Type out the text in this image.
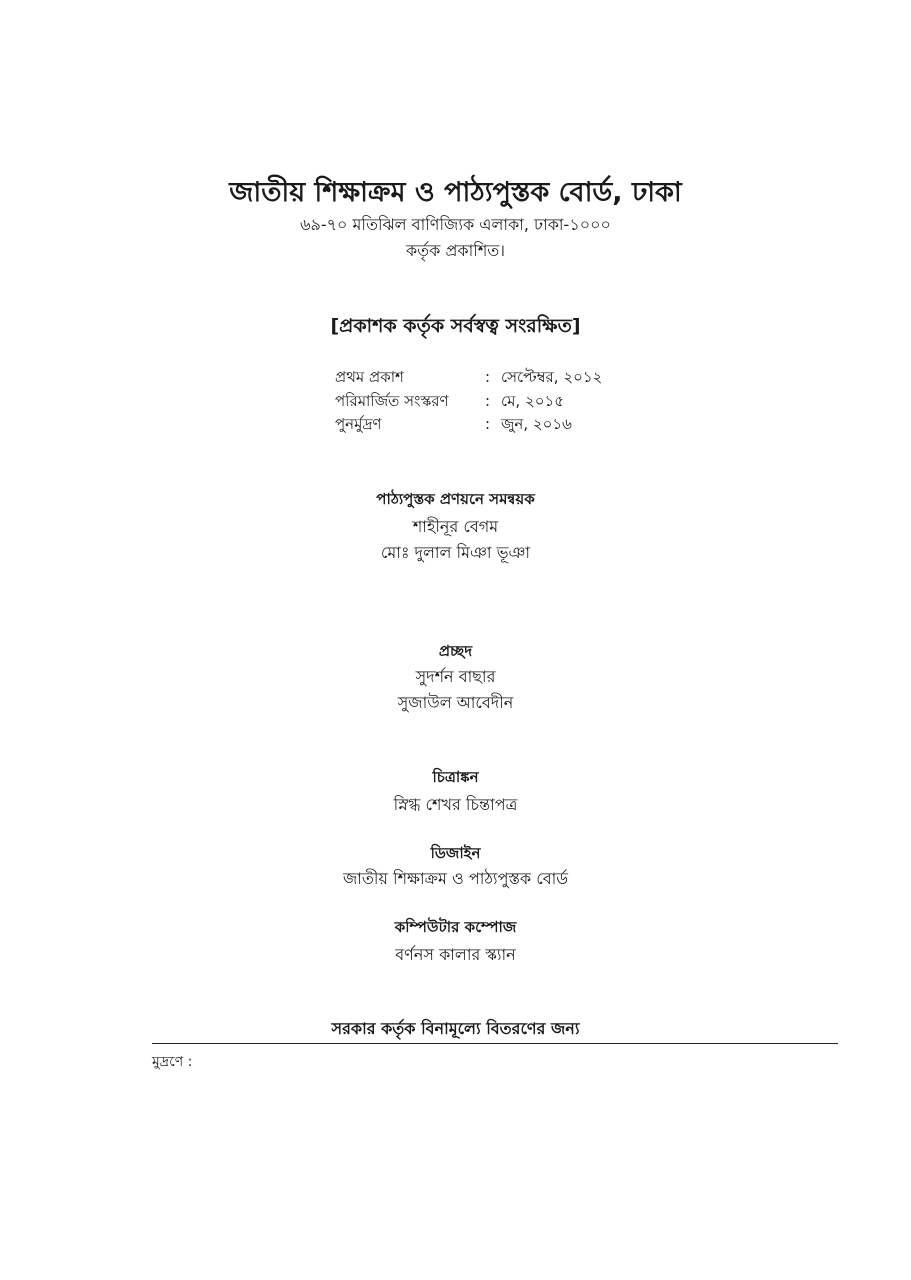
জাতীয় শিক্ষাক্রম ও পাঠ্যপুস্তক বোর্ড, ঢাকা
৬৯-৭০ মতিঝিল বাণিজ্যিক এলাকা, ঢাকা-১০০০
কর্তৃক প্রকাশিত।
[প্রকাশক কর্তৃক সর্বস্বত্ব সংরক্ষিত]
প্রথম প্রকাশ	: সেপ্টেম্বর, ২০১২
পরিমার্জিত সংস্করণ : মে, ২০১৫
পুনর্মুদ্রণ	: জুন, ২০১৬
পাঠ্যপুস্তক প্রণয়নে সমন্বয়ক
শাহীনূর বেগম
মোঃ দুলাল মিঞা ভূঞা
প্রচ্ছদ
সুদর্শন বাছার
সুজাউল আবেদীন
চিত্রাঙ্কন
স্নিগ্ধ শেখর চিন্তাপত্র
ডিজাইন
জাতীয় শিক্ষাক্রম ও পাঠ্যপুস্তক বোর্ড
কম্পিউটার কম্পোজ
বর্ণনস কালার স্ক্যান
সরকার কর্তৃক বিনামূল্যে বিতরণের জন্য
মুদ্রণে :
